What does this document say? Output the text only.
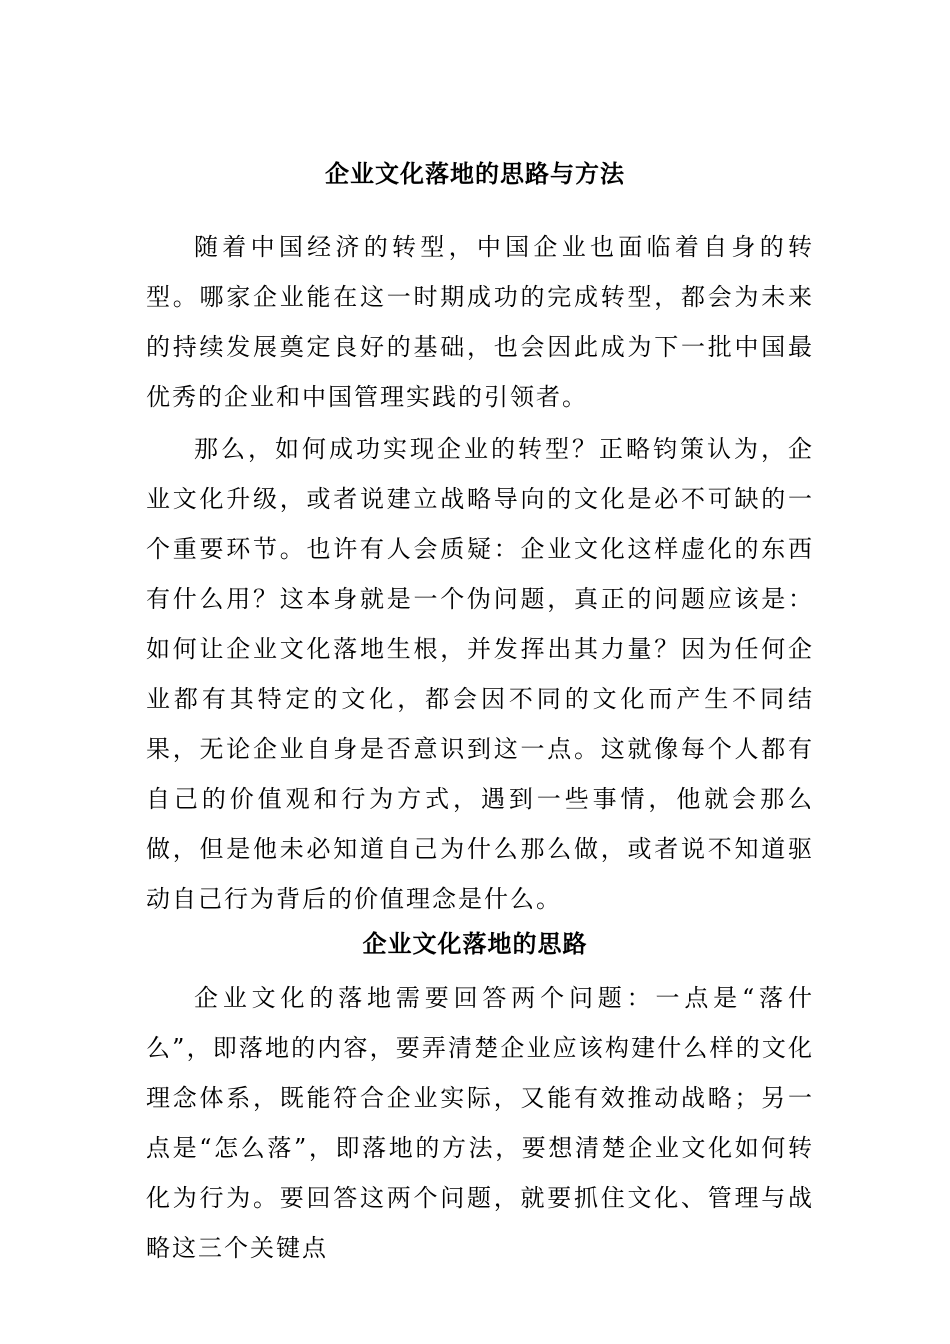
企业文化落地的思路与方法
随着中国经济的转型，中国企业也面临着自身的转型。哪家企业能在这一时期成功的完成转型，都会为未来的持续发展奠定良好的基础，也会因此成为下一批中国最优秀的企业和中国管理实践的引领者。
那么，如何成功实现企业的转型？正略钧策认为，企业文化升级，或者说建立战略导向的文化是必不可缺的一个重要环节。也许有人会质疑：企业文化这样虚化的东西有什么用？这本身就是一个伪问题，真正的问题应该是：如何让企业文化落地生根，并发挥出其力量？因为任何企业都有其特定的文化，都会因不同的文化而产生不同结果，无论企业自身是否意识到这一点。这就像每个人都有自己的价值观和行为方式，遇到一些事情，他就会那么做，但是他未必知道自己为什么那么做，或者说不知道驱动自己行为背后的价值理念是什么。
企业文化落地的思路
企业文化的落地需要回答两个问题：一点是“落什么”，即落地的内容，要弄清楚企业应该构建什么样的文化理念体系，既能符合企业实际，又能有效推动战略；另一点是“怎么落”，即落地的方法，要想清楚企业文化如何转化为行为。要回答这两个问题，就要抓住文化、管理与战略这三个关键点
